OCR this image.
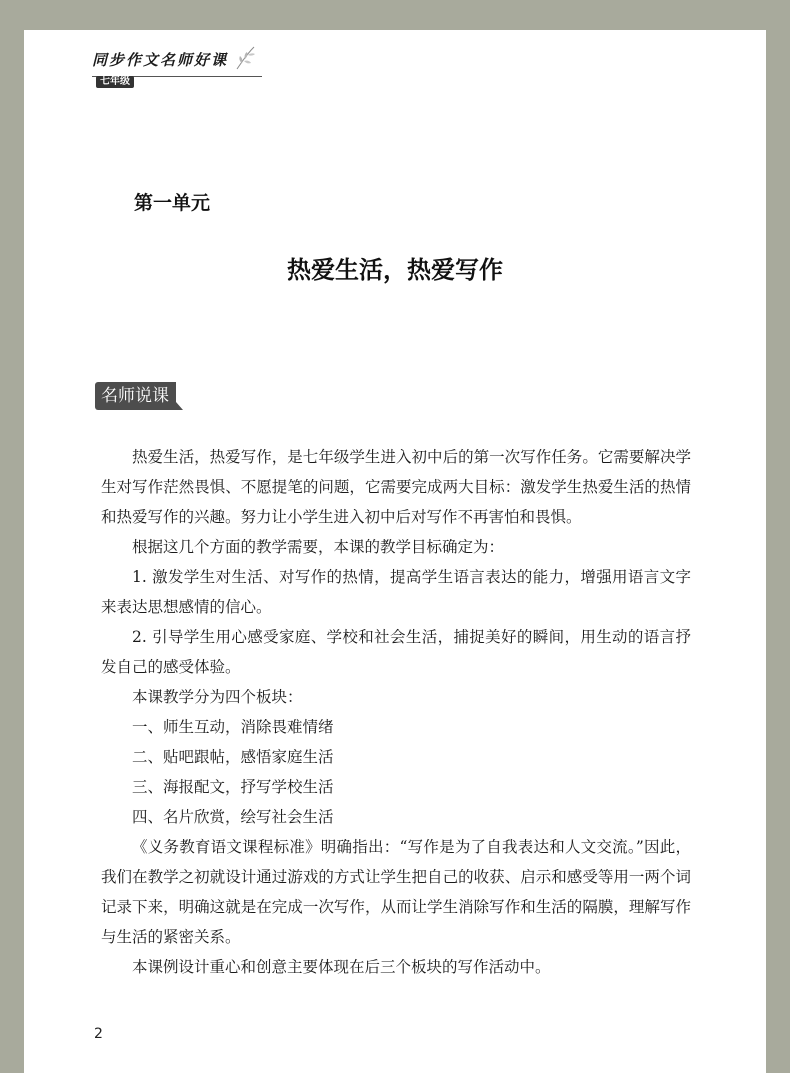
同步作文名师好课
七年级
第一单元
热爱生活，热爱写作
名师说课

热爱生活，热爱写作，是七年级学生进入初中后的第一次写作任务。它需要解决学生对写作茫然畏惧、不愿提笔的问题，它需要完成两大目标：激发学生热爱生活的热情和热爱写作的兴趣。努力让小学生进入初中后对写作不再害怕和畏惧。

根据这几个方面的教学需要，本课的教学目标确定为：

1. 激发学生对生活、对写作的热情，提高学生语言表达的能力，增强用语言文字来表达思想感情的信心。

2. 引导学生用心感受家庭、学校和社会生活，捕捉美好的瞬间，用生动的语言抒发自己的感受体验。

本课教学分为四个板块：

一、师生互动，消除畏难情绪

二、贴吧跟帖，感悟家庭生活

三、海报配文，抒写学校生活

四、名片欣赏，绘写社会生活

《义务教育语文课程标准》明确指出：“写作是为了自我表达和人文交流。”因此，我们在教学之初就设计通过游戏的方式让学生把自己的收获、启示和感受等用一两个词记录下来，明确这就是在完成一次写作，从而让学生消除写作和生活的隔膜，理解写作与生活的紧密关系。

本课例设计重心和创意主要体现在后三个板块的写作活动中。

2
